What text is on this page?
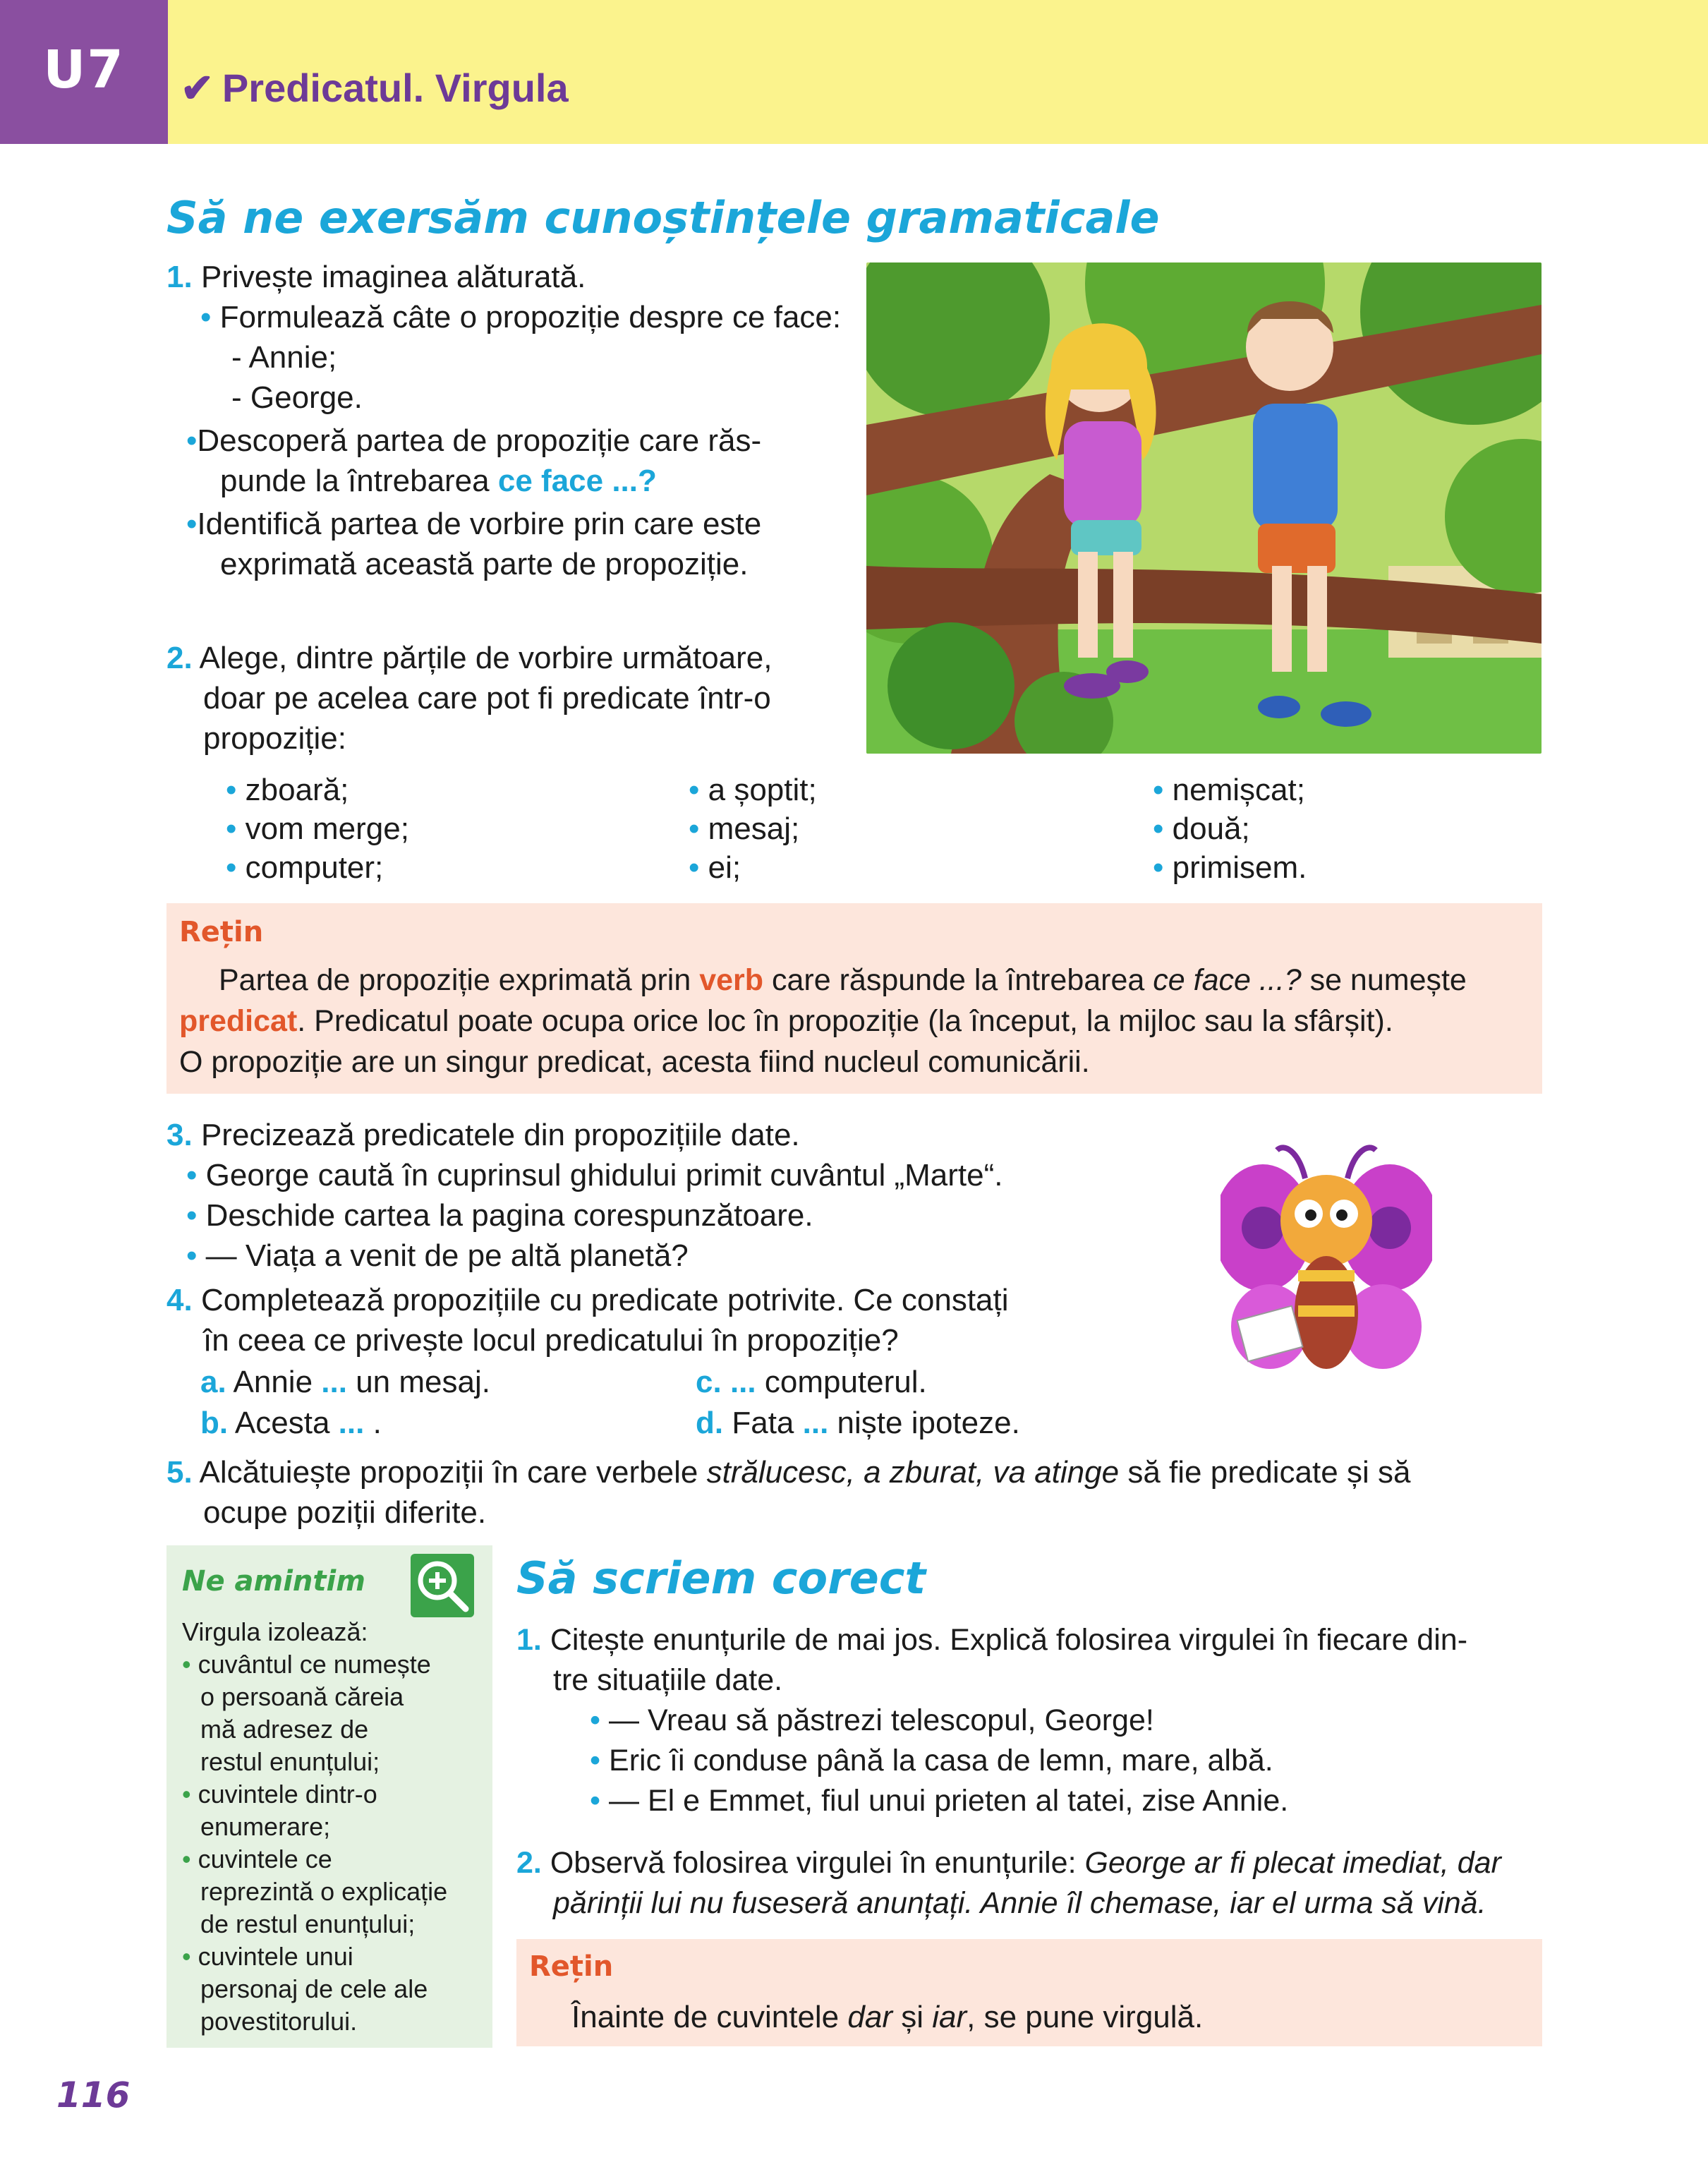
U7	✔ Predicatul. Virgula
Să ne exersăm cunoștințele gramaticale
1. Privește imaginea alăturată.
• Formulează câte o propoziție despre ce face:
- Annie;
- George.
•Descoperă partea de propoziție care răs-
punde la întrebarea ce face ...?
•Identifică partea de vorbire prin care este
exprimată această parte de propoziție.
2. Alege, dintre părțile de vorbire următoare,
doar pe acelea care pot fi predicate într-o
propoziție:
• zboară;
• vom merge;
• computer;
• a șoptit;
• mesaj;
• ei;
• nemișcat;
• două;
• primisem.
Rețin
Partea de propoziție exprimată prin verb care răspunde la întrebarea ce face ...? se numește
predicat. Predicatul poate ocupa orice loc în propoziție (la început, la mijloc sau la sfârșit).
O propoziție are un singur predicat, acesta fiind nucleul comunicării.
3. Precizează predicatele din propozițiile date.
• George caută în cuprinsul ghidului primit cuvântul „Marte“.
• Deschide cartea la pagina corespunzătoare.
• — Viața a venit de pe altă planetă?
4. Completează propozițiile cu predicate potrivite. Ce constați
în ceea ce privește locul predicatului în propoziție?
a. Annie ... un mesaj.
b. Acesta ... .
c. ... computerul.
d. Fata ... niște ipoteze.
5. Alcătuiește propoziții în care verbele strălucesc, a zburat, va atinge să fie predicate și să
ocupe poziții diferite.
Ne amintim
Virgula izolează:
• cuvântul ce numește
o persoană căreia
mă adresez de
restul enunțului;
• cuvintele dintr-o
enumerare;
• cuvintele ce
reprezintă o explicație
de restul enunțului;
• cuvintele unui
personaj de cele ale
povestitorului.
Să scriem corect
1. Citește enunțurile de mai jos. Explică folosirea virgulei în fiecare din-
tre situațiile date.
• — Vreau să păstrezi telescopul, George!
• Eric îi conduse până la casa de lemn, mare, albă.
• — El e Emmet, fiul unui prieten al tatei, zise Annie.
2. Observă folosirea virgulei în enunțurile: George ar fi plecat imediat, dar
părinții lui nu fuseseră anunțați. Annie îl chemase, iar el urma să vină.
Rețin
Înainte de cuvintele dar și iar, se pune virgulă.
116
